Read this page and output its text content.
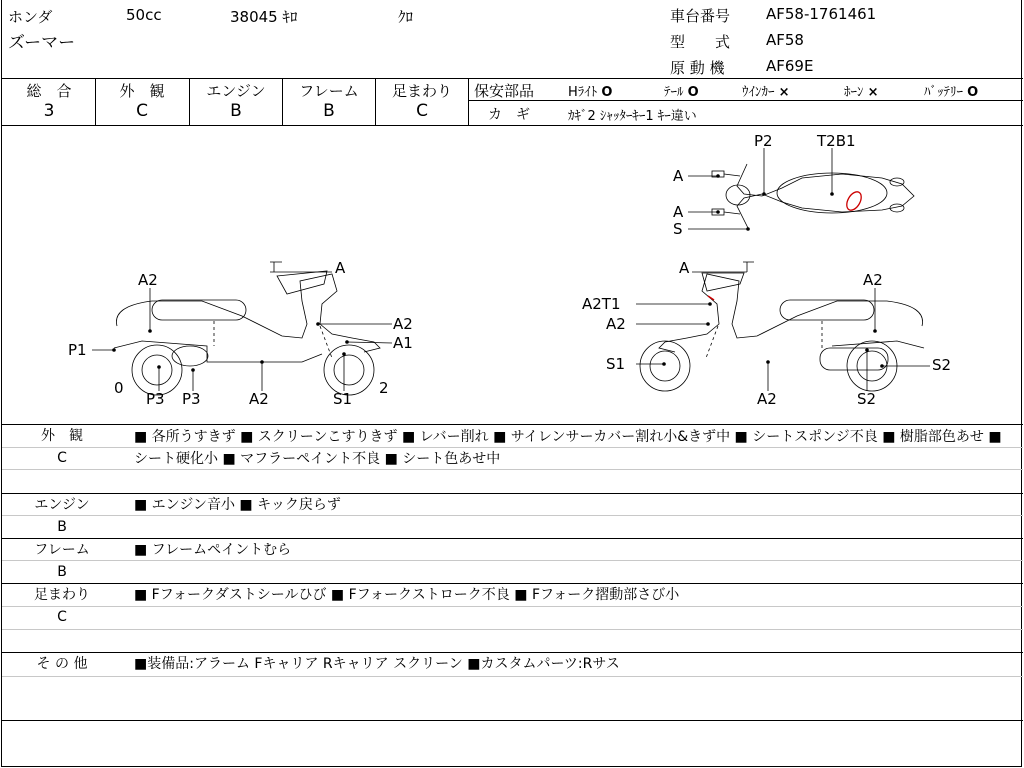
ホンダ	50cc	38045 ｷﾛ	ｸﾛ
ズーマー
車台番号 AF58-1761461
型　　式 AF58
原 動 機	AF69E
総　合
3
外　観
C
エンジン
B
フレーム
B
足まわり
C
保安部品	Hﾗｲﾄ O	ﾃｰﾙ O	ｳｲﾝｶｰ ×	ﾎｰﾝ ×	ﾊﾞｯﾃﾘｰ O
カ　ギ	ｶｷﾞ2 ｼｬｯﾀｰｷｰ1 ｷｰ違い
P2	T2B1
A
A
S
A2
A
A2
A1
P1
0
P3 P3	A2	S1
2
A
A2
A2T1
A2
S1	S2
A2	S2
外　観
C
■ 各所うすきず ■ スクリーンこすりきず ■ レバー削れ ■ サイレンサーカバー割れ小&きず中 ■ シートスポンジ不良 ■ 樹脂部色あせ ■ シート硬化小 ■ マフラーペイント不良 ■ シート色あせ中
エンジン
B
■ エンジン音小 ■ キック戻らず
フレーム
B
■ フレームペイントむら
足まわり
C
■ Fフォークダストシールひび ■ Fフォークストローク不良 ■ Fフォーク摺動部さび小
そ の 他	■装備品:アラーム Fキャリア Rキャリア スクリーン ■カスタムパーツ:Rサス
